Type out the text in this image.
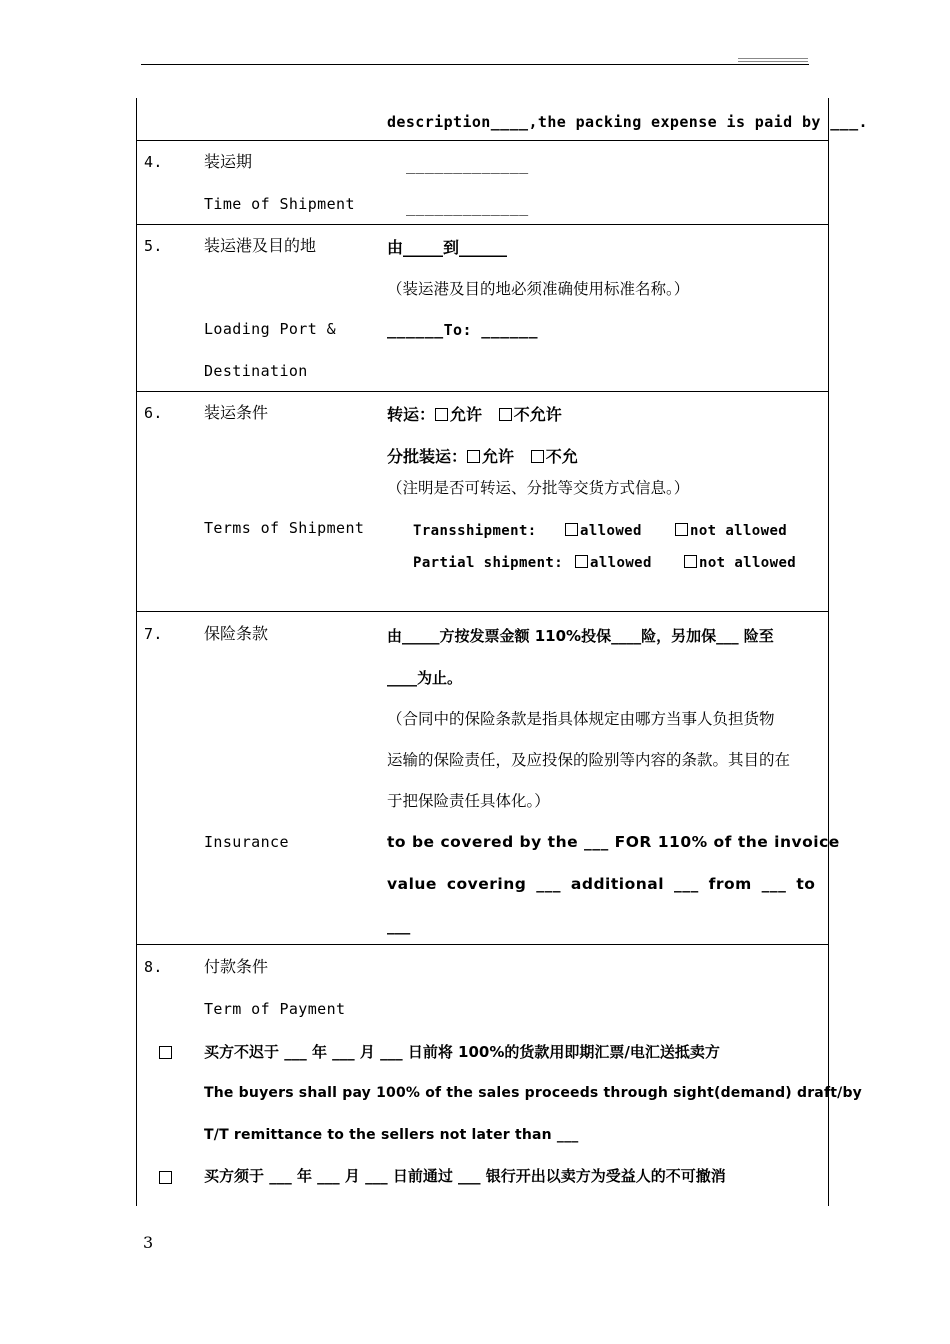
description____,the packing expense is paid by ___.
4.	装运期
Time of Shipment
_____________
_____________
5.	装运港及目的地	由_____到______
（装运港及目的地必须准确使用标准名称。）
Loading Port &	______To: ______
Destination
6.	装运条件	转运： 允许 不允许
分批装运： 允许 不允
（注明是否可转运、分批等交货方式信息。）
Terms of Shipment	Transshipment:	allowed	not allowed
Partial shipment:	allowed	not allowed
7.	保险条款	由_____方按发票金额 110%投保____险，另加保___ 险至
____为止。
（合同中的保险条款是指具体规定由哪方当事人负担货物
运输的保险责任，及应投保的险别等内容的条款。其目的在
于把保险责任具体化。）
Insurance	to be covered by the ___ FOR 110% of the invoice
value covering ___ additional ___ from ___ to
___
8.	付款条件
Term of Payment
买方不迟于 ___ 年 ___ 月 ___ 日前将 100%的货款用即期汇票/电汇送抵卖方
The buyers shall pay 100% of the sales proceeds through sight(demand) draft/by
T/T remittance to the sellers not later than ___
买方须于 ___ 年 ___ 月 ___ 日前通过 ___ 银行开出以卖方为受益人的不可撤消
3
